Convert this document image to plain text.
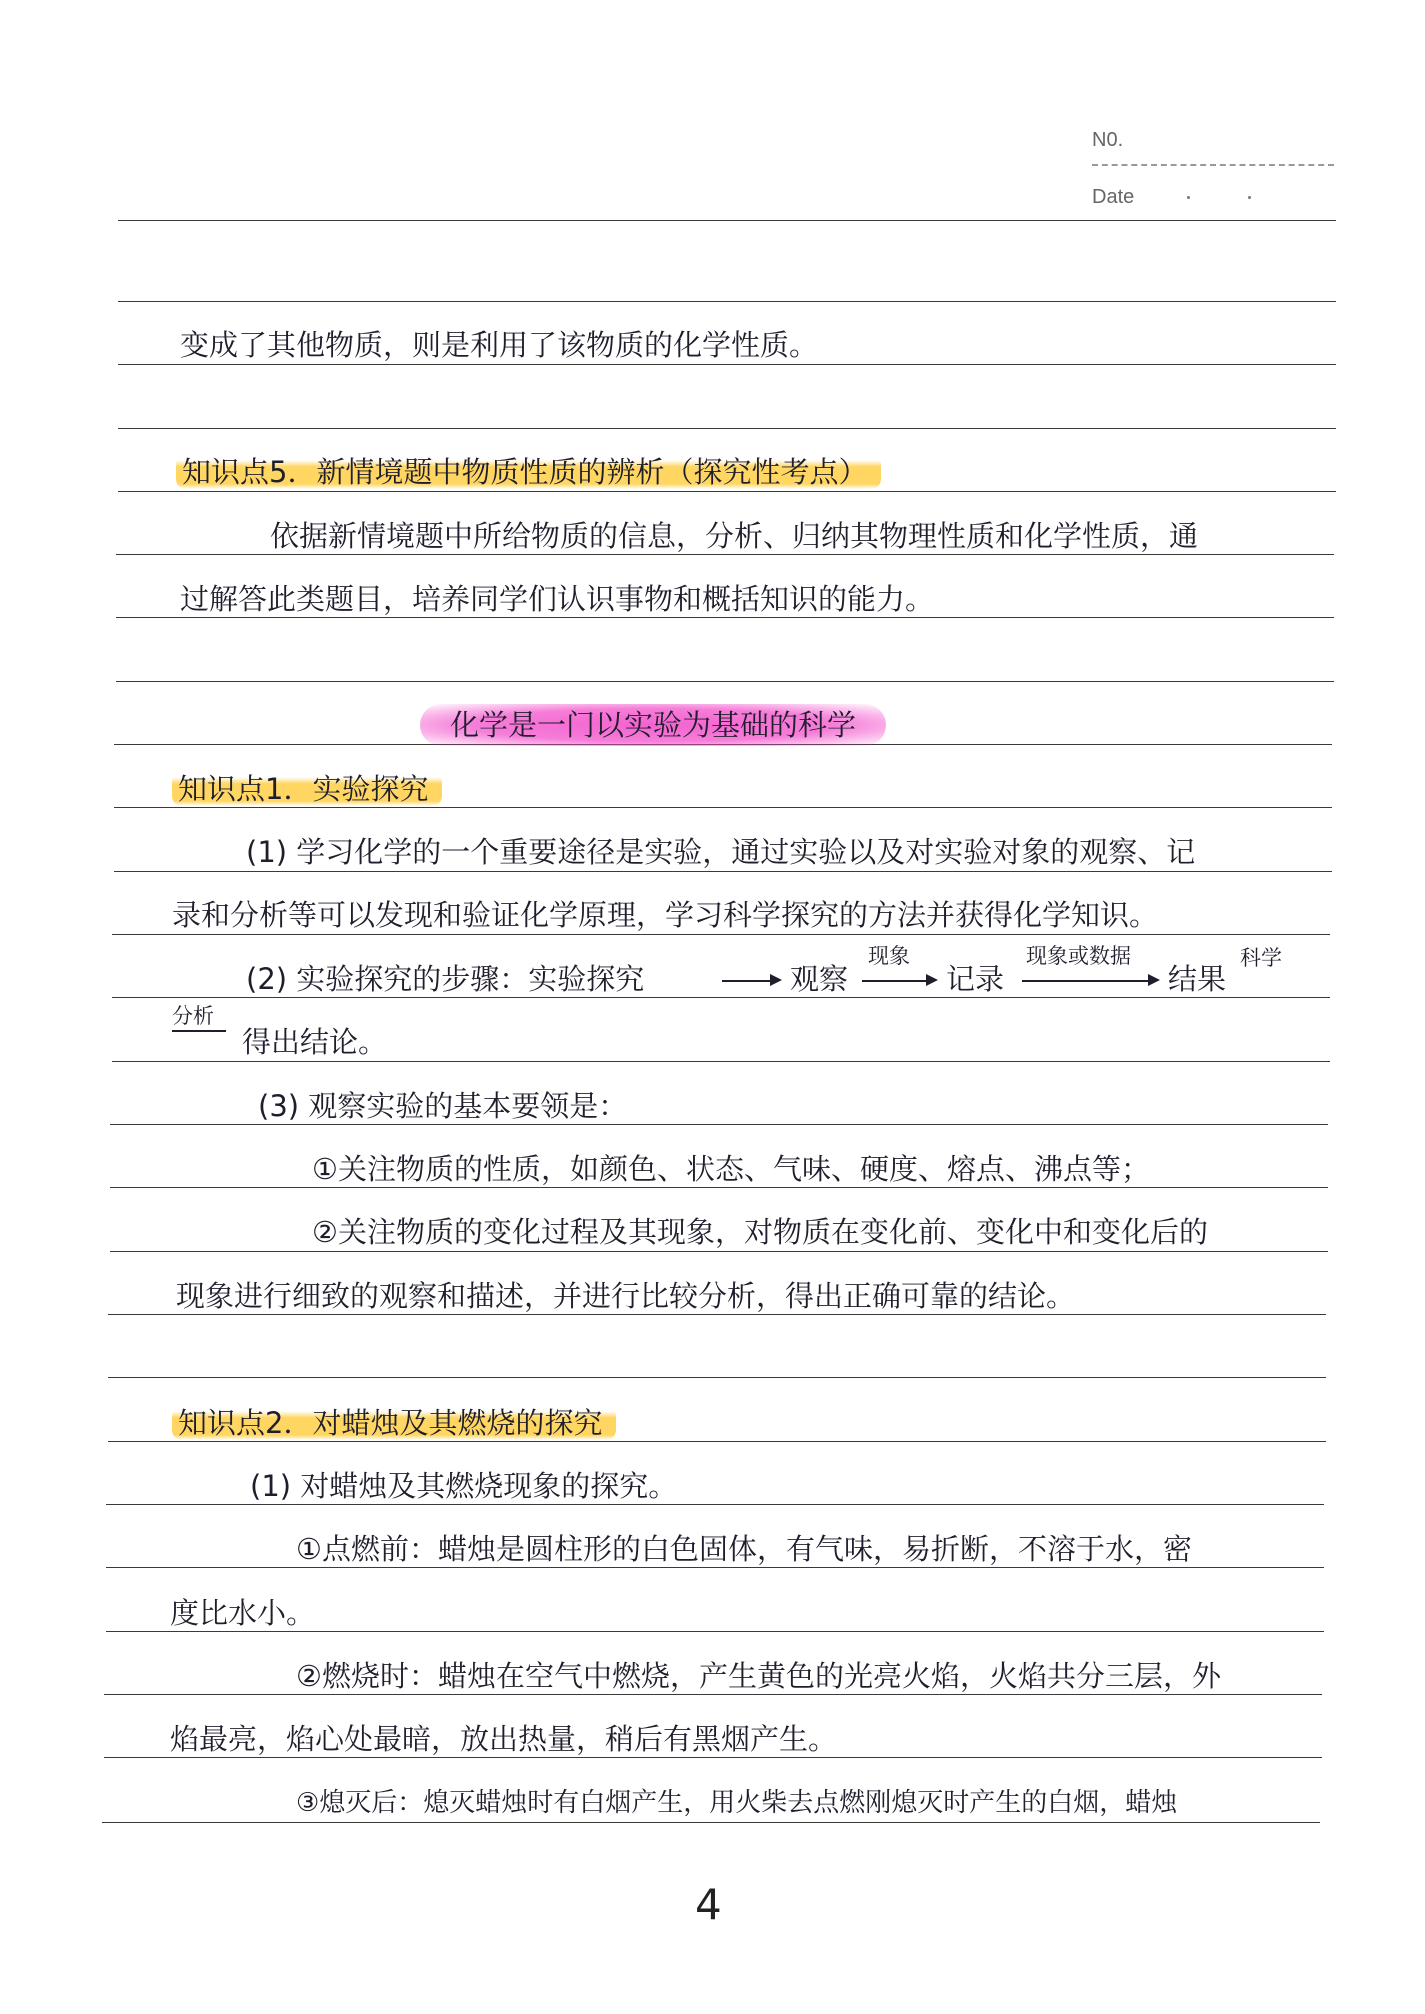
N0.
Date
变成了其他物质，则是利用了该物质的化学性质。
知识点5．新情境题中物质性质的辨析（探究性考点）
依据新情境题中所给物质的信息，分析、归纳其物理性质和化学性质，通
过解答此类题目，培养同学们认识事物和概括知识的能力。
化学是一门以实验为基础的科学
知识点1．实验探究
(1) 学习化学的一个重要途径是实验，通过实验以及对实验对象的观察、记
录和分析等可以发现和验证化学原理，学习科学探究的方法并获得化学知识。
(2) 实验探究的步骤：实验探究	观察
现象
记录
现象或数据
结果
科学
分析
得出结论。
(3) 观察实验的基本要领是：
①关注物质的性质，如颜色、状态、气味、硬度、熔点、沸点等；
②关注物质的变化过程及其现象，对物质在变化前、变化中和变化后的
现象进行细致的观察和描述，并进行比较分析，得出正确可靠的结论。
知识点2．对蜡烛及其燃烧的探究
(1) 对蜡烛及其燃烧现象的探究。
①点燃前：蜡烛是圆柱形的白色固体，有气味，易折断，不溶于水，密
度比水小。
②燃烧时：蜡烛在空气中燃烧，产生黄色的光亮火焰，火焰共分三层，外
焰最亮，焰心处最暗，放出热量，稍后有黑烟产生。
③熄灭后：熄灭蜡烛时有白烟产生，用火柴去点燃刚熄灭时产生的白烟，蜡烛
4
